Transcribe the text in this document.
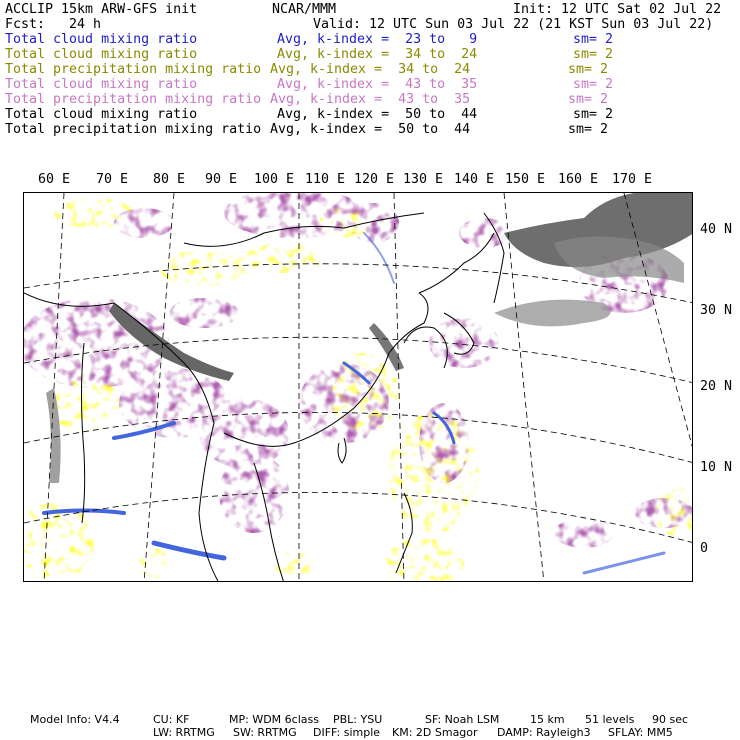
ACCLIP 15km ARW-GFS init	NCAR/MMM	Init: 12 UTC Sat 02 Jul 22
Fcst:   24 h	Valid: 12 UTC Sun 03 Jul 22 (21 KST Sun 03 Jul 22)

Total cloud mixing ratio

	Avg, k-index =  23 to   9

	sm= 2

Total cloud mixing ratio

	Avg, k-index =  34 to  24

	sm= 2

Total precipitation mixing ratio

Avg, k-index =  34 to  24

	sm= 2

Total cloud mixing ratio

	Avg, k-index =  43 to  35

	sm= 2

Total precipitation mixing ratio

Avg, k-index =  43 to  35

	sm= 2

Total cloud mixing ratio

	Avg, k-index =  50 to  44

	sm= 2

Total precipitation mixing ratio

Avg, k-index =  50 to  44

	sm= 2

60 E 70 E 80 E 90 E 100 E 110 E 120 E 130 E 140 E 150 E 160 E 170 E
40 N
30 N
20 N
10 N
0
Model Info: V4.4	CU: KF	MP: WDM 6class PBL: YSU	SF: Noah LSM	15 km 51 levels 90 sec
LW: RRTMG SW: RRTMG DIFF: simple KM: 2D Smagor DAMP: Rayleigh3 SFLAY: MM5
